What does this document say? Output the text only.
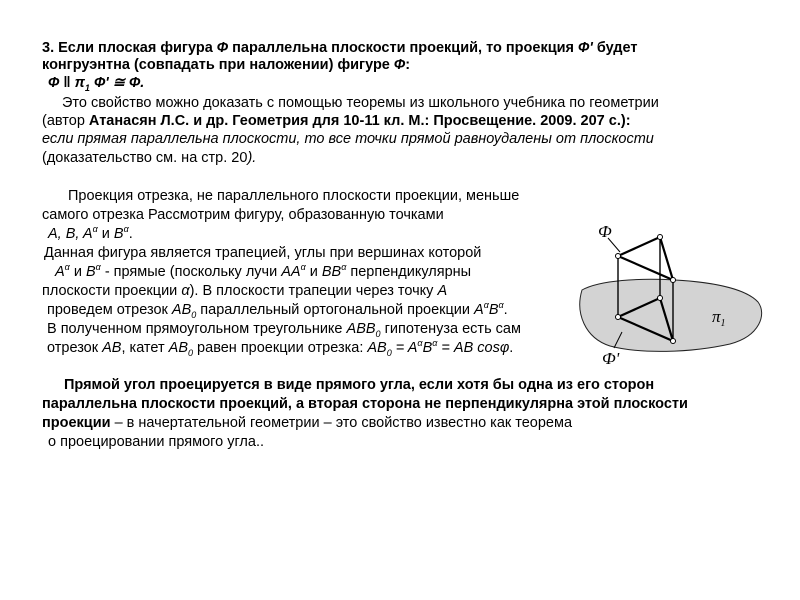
3. Если плоская фигура Ф параллельна плоскости проекций, то проекция Ф' будет
конгруэнтна (совпадать при наложении) фигуре Ф:
Ф ‖ $\pi_1$ Ф' ≅ Ф.
Это свойство можно доказать с помощью теоремы из школьного учебника по геометрии
(автор Атанасян Л.С. и др. Геометрия для 10-11 кл. М.: Просвещение. 2009. 207 с.):
если прямая параллельна плоскости, то все точки прямой равноудалены от плоскости
(доказательство см. на стр. 20).
Проекция отрезка, не параллельного плоскости проекции, меньше
самого отрезка Рассмотрим фигуру, образованную точками
A, B, $A^\alpha$ и $B^\alpha$.
Данная фигура является трапецией, углы при вершинах которой
$A^\alpha$ и $B^\alpha$ - прямые (поскольку лучи $AA^\alpha$ и $BB^\alpha$ перпендикулярны
плоскости проекции α). В плоскости трапеции через точку A
проведем отрезок $AB_0$ параллельный ортогональной проекции $A^\alpha B^\alpha$.
В полученном прямоугольном треугольнике $ABB_0$ гипотенуза есть сам
отрезок AB, катет $AB_0$ равен проекции отрезка: $AB_0 = A^\alpha B^\alpha$ = AB cosφ.
Прямой угол проецируется в виде прямого угла, если хотя бы одна из его сторон
параллельна плоскости проекций, а вторая сторона не перпендикулярна этой плоскости
проекции – в начертательной геометрии – это свойство известно как теорема
о проецировании прямого угла..
Ф
Ф'
$\pi_1$
